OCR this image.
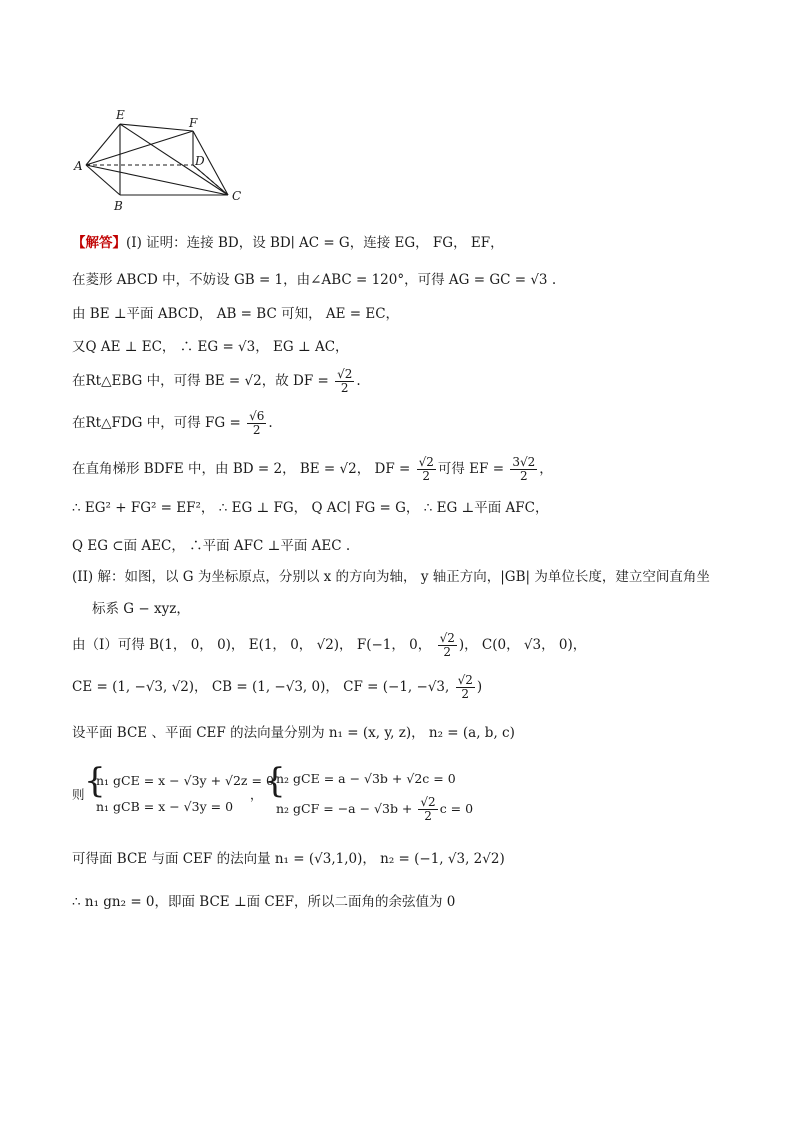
A
B
C
D
E
F
【解答】(I) 证明：连接 BD，设 BD∣ AC = G，连接 EG， FG， EF，
在菱形 ABCD 中，不妨设 GB = 1，由∠ABC = 120°，可得 AG = GC = √3 .
由 BE ⊥平面 ABCD， AB = BC 可知， AE = EC，
又Q AE ⊥ EC， ∴ EG = √3， EG ⊥ AC，
在Rt△EBG 中，可得 BE = √2，故 DF = $\frac{√2}{2}$ .
在Rt△FDG 中，可得 FG = $\frac{√6}{2}$ .
在直角梯形 BDFE 中，由 BD = 2， BE = √2， DF = $\frac{√2}{2}$ 可得 EF = $\frac{3√2}{2}$ ，
∴ EG² + FG² = EF²， ∴ EG ⊥ FG， Q AC∣ FG = G， ∴ EG ⊥平面 AFC，
Q EG ⊂面 AEC， ∴平面 AFC ⊥平面 AEC .
(II) 解：如图，以 G 为坐标原点，分别以 x 的方向为轴， y 轴正方向，|GB| 为单位长度，建立空间直角坐
标系 G − xyz，
由（I）可得 B(1， 0， 0)， E(1， 0， √2)， F(−1， 0， $\frac{√2}{2}$ )， C(0， √3， 0)，
CE = (1, −√3, √2)， CB = (1, −√3, 0)， CF = (−1, −√3, $\frac{√2}{2}$ )
设平面 BCE 、平面 CEF 的法向量分别为 n₁ = (x, y, z)， n₂ = (a, b, c)
则 {
n₁ gCE = x − √3y + √2z = 0
n₁ gCB = x − √3y = 0
， {
n₂ gCE = a − √3b + √2c = 0
n₂ gCF = $-a - √3b + \frac{√2}{2}$ c = 0
可得面 BCE 与面 CEF 的法向量 n₁ = (√3,1,0)， n₂ = (−1, √3, 2√2)
∴ n₁ gn₂ = 0，即面 BCE ⊥面 CEF，所以二面角的余弦值为 0
